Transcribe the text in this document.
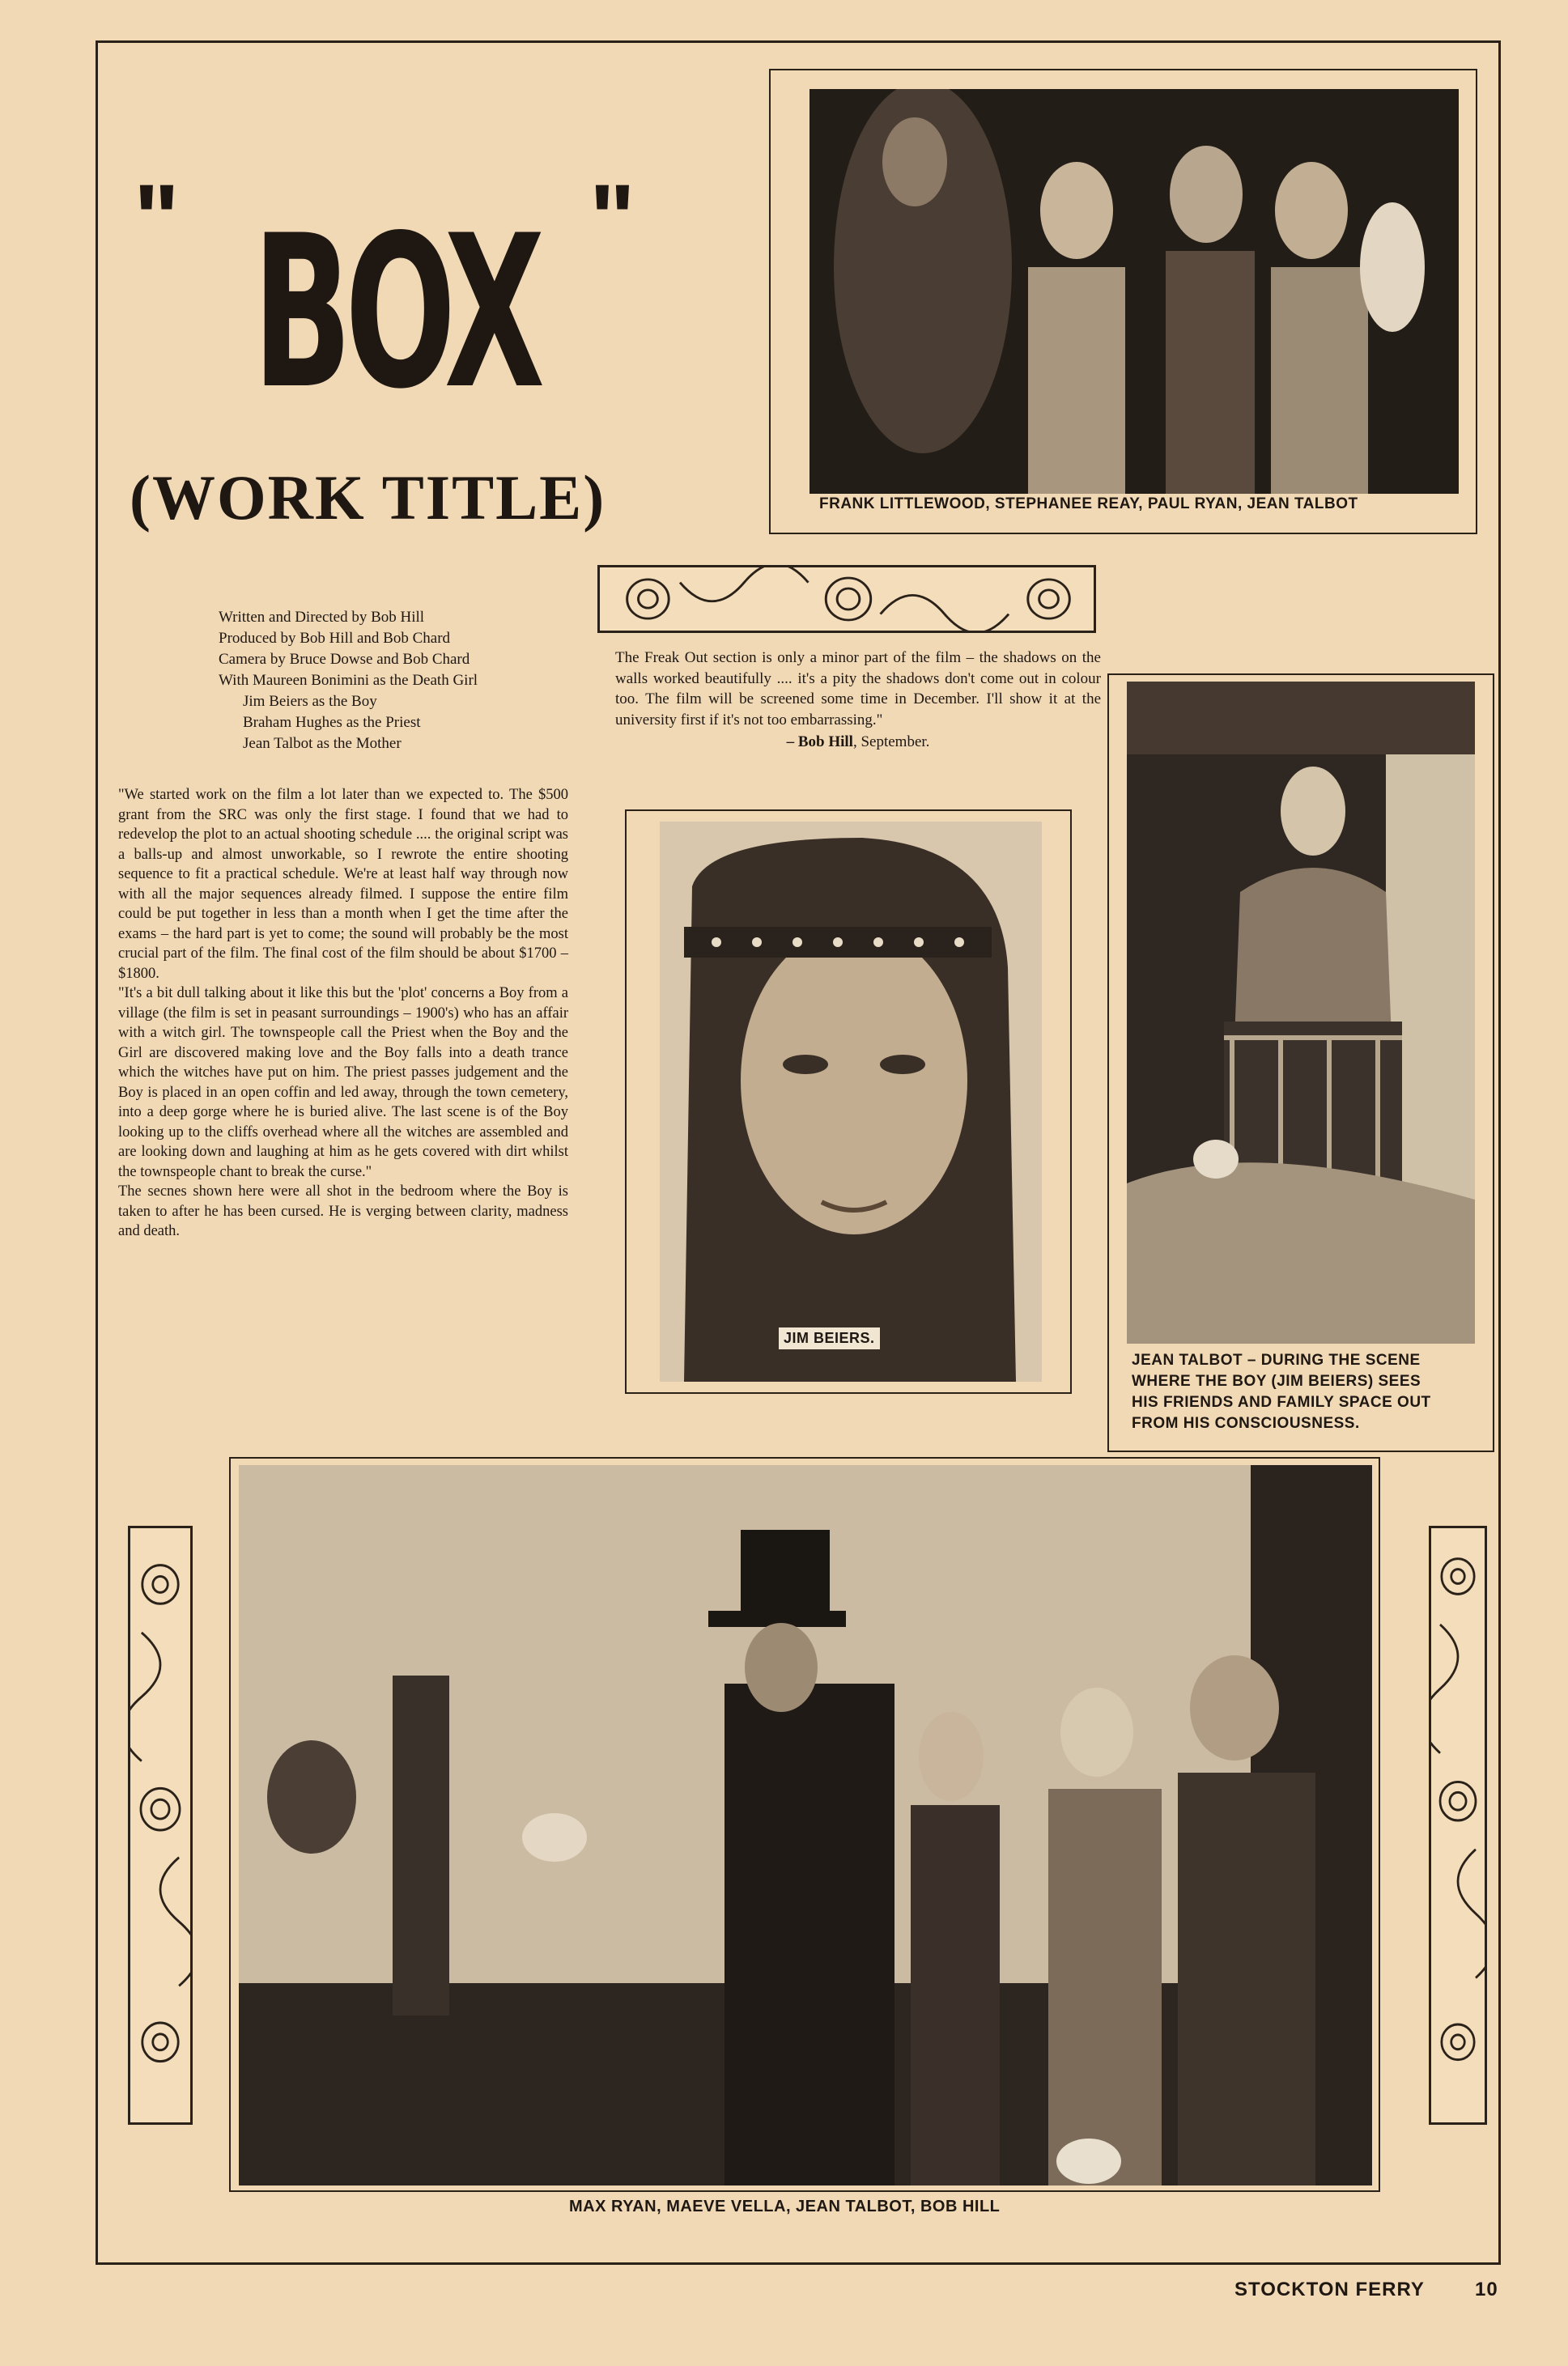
" BOX "
(WORK TITLE)	FRANK LITTLEWOOD, STEPHANEE REAY, PAUL RYAN, JEAN TALBOT
Written and Directed by Bob Hill
Produced by Bob Hill and Bob Chard
Camera by Bruce Dowse and Bob Chard
With Maureen Bonimini as the Death Girl
Jim Beiers as the Boy
Braham Hughes as the Priest
Jean Talbot as the Mother

"We started work on the film a lot later than we expected to. The $500 grant from the SRC was only the first stage. I found that we had to redevelop the plot to an actual shooting schedule .... the original script was a balls-up and almost unworkable, so I rewrote the entire shooting sequence to fit a practical schedule. We're at least half way through now with all the major sequences already filmed. I suppose the entire film could be put together in less than a month when I get the time after the exams – the hard part is yet to come; the sound will probably be the most crucial part of the film. The final cost of the film should be about $1700 – $1800.

"It's a bit dull talking about it like this but the 'plot' concerns a Boy from a village (the film is set in peasant surroundings – 1900's) who has an affair with a witch girl. The townspeople call the Priest when the Boy and the Girl are discovered making love and the Boy falls into a death trance which the witches have put on him. The priest passes judgement and the Boy is placed in an open coffin and led away, through the town cemetery, into a deep gorge where he is buried alive. The last scene is of the Boy looking up to the cliffs overhead where all the witches are assembled and are looking down and laughing at him as he gets covered with dirt whilst the townspeople chant to break the curse."

The secnes shown here were all shot in the bedroom where the Boy is taken to after he has been cursed. He is verging between clarity, madness and death.

The Freak Out section is only a minor part of the film – the shadows on the walls worked beautifully .... it's a pity the shadows don't come out in colour too. The film will be screened some time in December. I'll show it at the university first if it's not too embarrassing."
– Bob Hill, September.
JIM BEIERS.
JEAN TALBOT – DURING THE SCENE
WHERE THE BOY (JIM BEIERS) SEES
HIS FRIENDS AND FAMILY SPACE OUT
FROM HIS CONSCIOUSNESS.
MAX RYAN, MAEVE VELLA, JEAN TALBOT, BOB HILL
STOCKTON FERRY	10
